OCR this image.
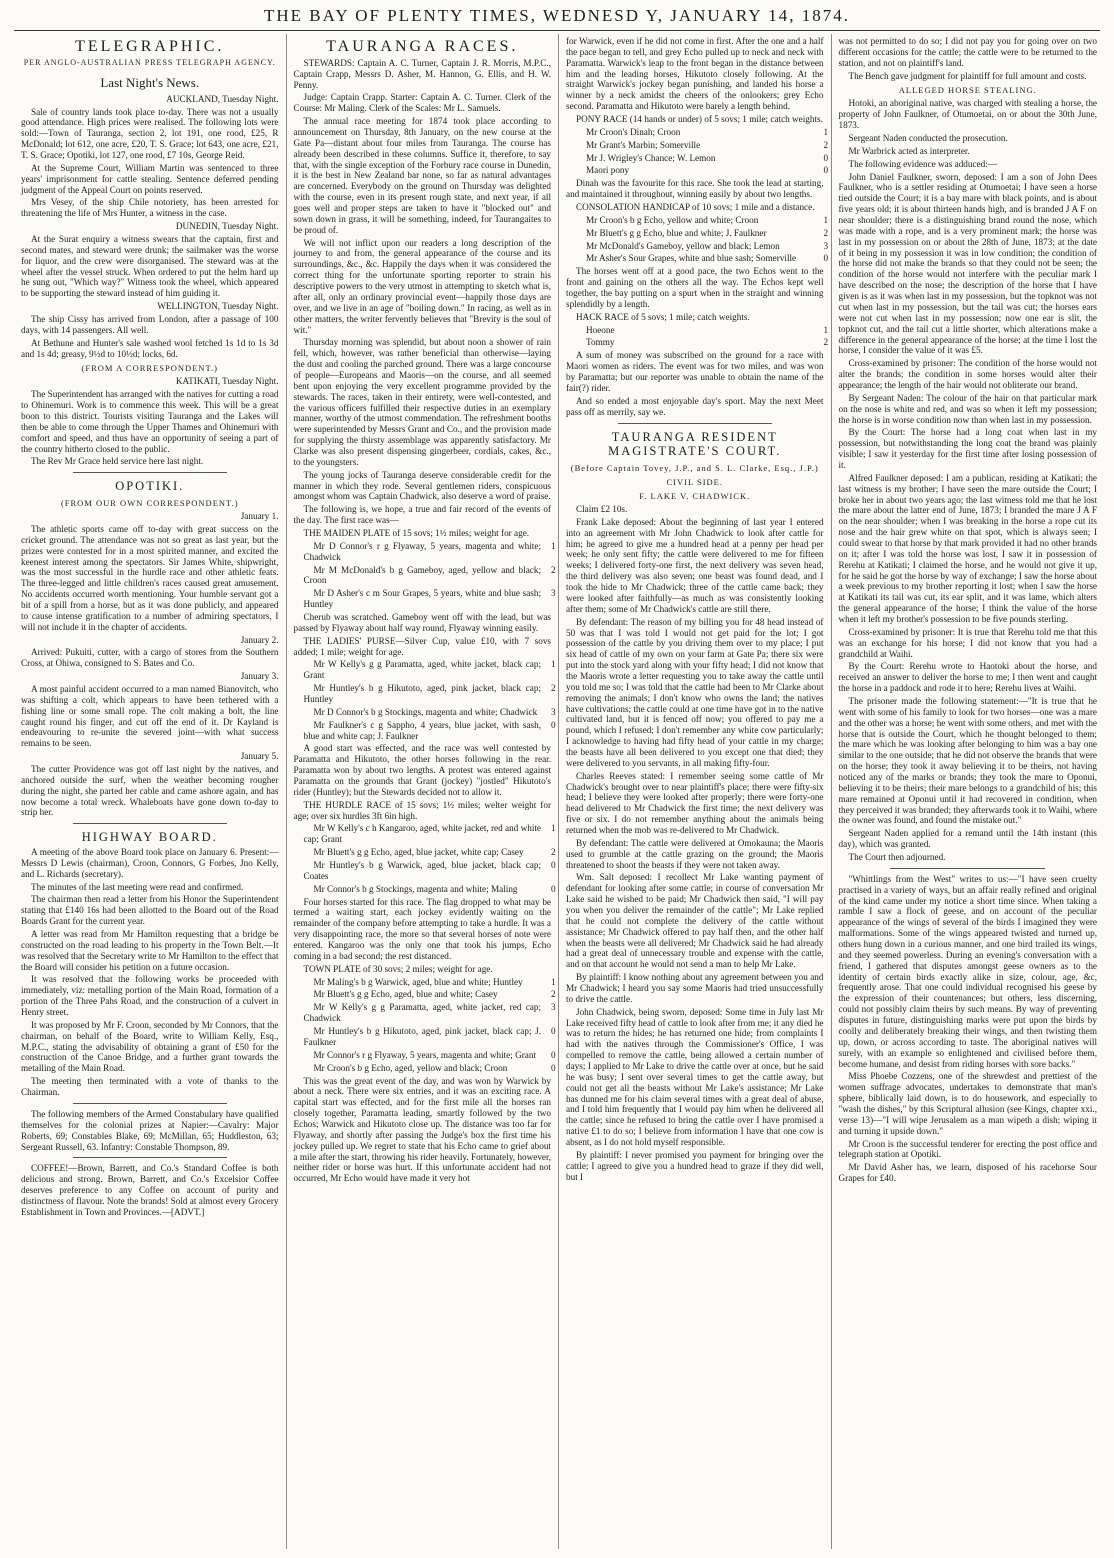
THE BAY OF PLENTY TIMES, WEDNESD Y, JANUARY 14, 1874.
TELEGRAPHIC.
PER ANGLO-AUSTRALIAN PRESS TELEGRAPH AGENCY.
Last Night's News.

AUCKLAND, Tuesday Night.

Sale of country lands took place to-day. There was not a usually good attendance. High prices were realised. The following lots were sold:—Town of Tauranga, section 2, lot 191, one rood, £25, R McDonald; lot 612, one acre, £20, T. S. Grace; lot 643, one acre, £21, T. S. Grace; Opotiki, lot 127, one rood, £7 10s, George Reid.

At the Supreme Court, William Martin was sentenced to three years' imprisonment for cattle stealing. Sentence deferred pending judgment of the Appeal Court on points reserved.

Mrs Vesey, of the ship Chile notoriety, has been arrested for threatening the life of Mrs Hunter, a witness in the case.

DUNEDIN, Tuesday Night.

At the Surat enquiry a witness swears that the captain, first and second mates, and steward were drunk; the sailmaker was the worse for liquor, and the crew were disorganised. The steward was at the wheel after the vessel struck. When ordered to put the helm hard up he sung out, "Which way?" Witness took the wheel, which appeared to be supporting the steward instead of him guiding it.

WELLINGTON, Tuesday Night.

The ship Cissy has arrived from London, after a passage of 100 days, with 14 passengers. All well.

At Bethune and Hunter's sale washed wool fetched 1s 1d to 1s 3d and 1s 4d; greasy, 9½d to 10½d; locks, 6d.

(FROM A CORRESPONDENT.)

KATIKATI, Tuesday Night.

The Superintendent has arranged with the natives for cutting a road to Ohinemuri. Work is to commence this week. This will be a great boon to this district. Tourists visiting Tauranga and the Lakes will then be able to come through the Upper Thames and Ohinemuri with comfort and speed, and thus have an opportunity of seeing a part of the country hitherto closed to the public.

The Rev Mr Grace held service here last night.

OPOTIKI.
(FROM OUR OWN CORRESPONDENT.)

January 1.

The athletic sports came off to-day with great success on the cricket ground. The attendance was not so great as last year, but the prizes were contested for in a most spirited manner, and excited the keenest interest among the spectators. Sir James White, shipwright, was the most successful in the hurdle race and other athletic feats. The three-legged and little children's races caused great amusement. No accidents occurred worth mentioning. Your humble servant got a bit of a spill from a horse, but as it was done publicly, and appeared to cause intense gratification to a number of admiring spectators, I will not include it in the chapter of accidents.

January 2.

Arrived: Pukuiti, cutter, with a cargo of stores from the Southern Cross, at Ohiwa, consigned to S. Bates and Co.

January 3.

A most painful accident occurred to a man named Bianovitch, who was shifting a colt, which appears to have been tethered with a fishing line or some small rope. The colt making a bolt, the line caught round his finger, and cut off the end of it. Dr Kayland is endeavouring to re-unite the severed joint—with what success remains to be seen.

January 5.

The cutter Providence was got off last night by the natives, and anchored outside the surf, when the weather becoming rougher during the night, she parted her cable and came ashore again, and has now become a total wreck. Whaleboats have gone down to-day to strip her.

HIGHWAY BOARD.

A meeting of the above Board took place on January 6. Present:—Messrs D Lewis (chairman), Croon, Connors, G Forbes, Jno Kelly, and L. Richards (secretary).

The minutes of the last meeting were read and confirmed.

The chairman then read a letter from his Honor the Superintendent stating that £140 16s had been allotted to the Board out of the Road Boards Grant for the current year.

A letter was read from Mr Hamilton requesting that a bridge be constructed on the road leading to his property in the Town Belt.—It was resolved that the Secretary write to Mr Hamilton to the effect that the Board will consider his petition on a future occasion.

It was resolved that the following works be proceeded with immediately, viz: metalling portion of the Main Road, formation of a portion of the Three Pahs Road, and the construction of a culvert in Henry street.

It was proposed by Mr F. Croon, seconded by Mr Connors, that the chairman, on behalf of the Board, write to William Kelly, Esq., M.P.C., stating the advisability of obtaining a grant of £50 for the construction of the Canoe Bridge, and a further grant towards the metalling of the Main Road.

The meeting then terminated with a vote of thanks to the Chairman.

The following members of the Armed Constabulary have qualified themselves for the colonial prizes at Napier:—Cavalry: Major Roberts, 69; Constables Blake, 69; McMillan, 65; Huddleston, 63; Sergeant Russell, 63. Infantry: Constable Thompson, 89.

COFFEE!—Brown, Barrett, and Co.'s Standard Coffee is both delicious and strong. Brown, Barrett, and Co.'s Excelsior Coffee deserves preference to any Coffee on account of purity and distinctness of flavour. Note the brands! Sold at almost every Grocery Establishment in Town and Provinces.—[ADVT.]

TAURANGA RACES.

STEWARDS: Captain A. C. Turner, Captain J. R. Morris, M.P.C., Captain Crapp, Messrs D. Asher, M. Hannon, G. Ellis, and H. W. Penny.

Judge: Captain Crapp. Starter: Captain A. C. Turner. Clerk of the Course: Mr Maling. Clerk of the Scales: Mr L. Samuels.

The annual race meeting for 1874 took place according to announcement on Thursday, 8th January, on the new course at the Gate Pa—distant about four miles from Tauranga. The course has already been described in these columns. Suffice it, therefore, to say that, with the single exception of the Forbury race course in Dunedin, it is the best in New Zealand bar none, so far as natural advantages are concerned. Everybody on the ground on Thursday was delighted with the course, even in its present rough state, and next year, if all goes well and proper steps are taken to have it "blocked out" and sown down in grass, it will be something, indeed, for Taurangaites to be proud of.

We will not inflict upon our readers a long description of the journey to and from, the general appearance of the course and its surroundings, &c., &c. Happily the days when it was considered the correct thing for the unfortunate sporting reporter to strain his descriptive powers to the very utmost in attempting to sketch what is, after all, only an ordinary provincial event—happily those days are over, and we live in an age of "boiling down." In racing, as well as in other matters, the writer fervently believes that "Brevity is the soul of wit."

Thursday morning was splendid, but about noon a shower of rain fell, which, however, was rather beneficial than otherwise—laying the dust and cooling the parched ground. There was a large concourse of people—Europeans and Maoris—on the course, and all seemed bent upon enjoying the very excellent programme provided by the stewards. The races, taken in their entirety, were well-contested, and the various officers fulfilled their respective duties in an exemplary manner, worthy of the utmost commendation. The refreshment booths were superintended by Messrs Grant and Co., and the provision made for supplying the thirsty assemblage was apparently satisfactory. Mr Clarke was also present dispensing gingerbeer, cordials, cakes, &c., to the youngsters.

The young jocks of Tauranga deserve considerable credit for the manner in which they rode. Several gentlemen riders, conspicuous amongst whom was Captain Chadwick, also deserve a word of praise.

The following is, we hope, a true and fair record of the events of the day. The first race was—

THE MAIDEN PLATE of 15 sovs; 1½ miles; weight for age.

Mr D Connor's r g Flyaway, 5 years, magenta and white; Chadwick
1

Mr M McDonald's b g Gameboy, aged, yellow and black; Croon
2

Mr D Asher's c m Sour Grapes, 5 years, white and blue sash; Huntley
3

Cherub was scratched. Gameboy went off with the lead, but was passed by Flyaway about half way round, Flyaway winning easily.

THE LADIES' PURSE—Silver Cup, value £10, with 7 sovs added; 1 mile; weight for age.

Mr W Kelly's g g Paramatta, aged, white jacket, black cap; Grant
1

Mr Huntley's b g Hikutoto, aged, pink jacket, black cap; Huntley
2

Mr D Connor's b g Stockings, magenta and white; Chadwick	3

Mr Faulkner's c g Sappho, 4 years, blue jacket, with sash, blue and white cap; J. Faulkner
0

A good start was effected, and the race was well contested by Paramatta and Hikutoto, the other horses following in the rear. Paramatta won by about two lengths. A protest was entered against Paramatta on the grounds that Grant (jockey) "jostled" Hikutoto's rider (Huntley); but the Stewards decided not to allow it.

THE HURDLE RACE of 15 sovs; 1½ miles; welter weight for age; over six hurdles 3ft 6in high.

Mr W Kelly's c h Kangaroo, aged, white jacket, red and white cap; Grant
1

Mr Bluett's g g Echo, aged, blue jacket, white cap; Casey	2

Mr Huntley's b g Warwick, aged, blue jacket, black cap; Coates
0

Mr Connor's b g Stockings, magenta and white; Maling	0

Four horses started for this race. The flag dropped to what may be termed a waiting start, each jockey evidently waiting on the remainder of the company before attempting to take a hurdle. It was a very disappointing race, the more so that several horses of note were entered. Kangaroo was the only one that took his jumps, Echo coming in a bad second; the rest distanced.

TOWN PLATE of 30 sovs; 2 miles; weight for age.

Mr Maling's b g Warwick, aged, blue and white; Huntley	1

Mr Bluett's g g Echo, aged, blue and white; Casey	2

Mr W Kelly's g g Paramatta, aged, white jacket, red cap; Chadwick
3

Mr Huntley's b g Hikutoto, aged, pink jacket, black cap; J. Faulkner
0

Mr Connor's r g Flyaway, 5 years, magenta and white; Grant	0

Mr Croon's b g Echo, aged, yellow and black; Croon	0

This was the great event of the day, and was won by Warwick by about a neck. There were six entries, and it was an exciting race. A capital start was effected, and for the first mile all the horses ran closely together, Paramatta leading, smartly followed by the two Echos; Warwick and Hikutoto close up. The distance was too far for Flyaway, and shortly after passing the Judge's box the first time his jockey pulled up. We regret to state that his Echo came to grief about a mile after the start, throwing his rider heavily. Fortunately, however, neither rider or horse was hurt. If this unfortunate accident had not occurred, Mr Echo would have made it very hot

for Warwick, even if he did not come in first. After the one and a half the pace began to tell, and grey Echo pulled up to neck and neck with Paramatta. Warwick's leap to the front began in the distance between him and the leading horses, Hikutoto closely following. At the straight Warwick's jockey began punishing, and landed his horse a winner by a neck amidst the cheers of the onlookers; grey Echo second. Paramatta and Hikutoto were barely a length behind.

PONY RACE (14 hands or under) of 5 sovs; 1 mile; catch weights.

Mr Croon's Dinah; Croon	1

Mr Grant's Marbin; Somerville	2

Mr J. Wrigley's Chance; W. Lemon	0

Maori pony	0

Dinah was the favourite for this race. She took the lead at starting, and maintained it throughout, winning easily by about two lengths.

CONSOLATION HANDICAP of 10 sovs; 1 mile and a distance.

Mr Croon's b g Echo, yellow and white; Croon	1

Mr Bluett's g g Echo, blue and white; J. Faulkner	2

Mr McDonald's Gameboy, yellow and black; Lemon	3

Mr Asher's Sour Grapes, white and blue sash; Somerville	0

The horses went off at a good pace, the two Echos went to the front and gaining on the others all the way. The Echos kept well together, the bay putting on a spurt when in the straight and winning splendidly by a length.

HACK RACE of 5 sovs; 1 mile; catch weights.

Hoeone	1

Tommy	2

A sum of money was subscribed on the ground for a race with Maori women as riders. The event was for two miles, and was won by Paramatta; but our reporter was unable to obtain the name of the fair(?) rider.

And so ended a most enjoyable day's sport. May the next Meet pass off as merrily, say we.

TAURANGA RESIDENT MAGISTRATE'S COURT.
(Before Captain Tovey, J.P., and S. L. Clarke, Esq., J.P.)
CIVIL SIDE.
F. LAKE V. CHADWICK.

Claim £2 10s.

Frank Lake deposed: About the beginning of last year I entered into an agreement with Mr John Chadwick to look after cattle for him; he agreed to give me a hundred head at a penny per head per week; he only sent fifty; the cattle were delivered to me for fifteen weeks; I delivered forty-one first, the next delivery was seven head, the third delivery was also seven; one beast was found dead, and I took the hide to Mr Chadwick; three of the cattle came back; they were looked after faithfully—as much as was consistently looking after them; some of Mr Chadwick's cattle are still there.

By defendant: The reason of my billing you for 48 head instead of 50 was that I was told I would not get paid for the lot; I got possession of the cattle by you driving them over to my place; I put six head of cattle of my own on your farm at Gate Pa; there six were put into the stock yard along with your fifty head; I did not know that the Maoris wrote a letter requesting you to take away the cattle until you told me so; I was told that the cattle had been to Mr Clarke about removing the animals; I don't know who owns the land; the natives have cultivations; the cattle could at one time have got in to the native cultivated land, but it is fenced off now; you offered to pay me a pound, which I refused; I don't remember any white cow particularly; I acknowledge to having had fifty head of your cattle in my charge; the beasts have all been delivered to you except one that died; they were delivered to you servants, in all making fifty-four.

Charles Reeves stated: I remember seeing some cattle of Mr Chadwick's brought over to near plaintiff's place; there were fifty-six head; I believe they were looked after properly; there were forty-one head delivered to Mr Chadwick the first time; the next delivery was five or six. I do not remember anything about the animals being returned when the mob was re-delivered to Mr Chadwick.

By defendant: The cattle were delivered at Omokauna; the Maoris used to grumble at the cattle grazing on the ground; the Maoris threatened to shoot the beasts if they were not taken away.

Wm. Salt deposed: I recollect Mr Lake wanting payment of defendant for looking after some cattle; in course of conversation Mr Lake said he wished to be paid; Mr Chadwick then said, "I will pay you when you deliver the remainder of the cattle"; Mr Lake replied that he could not complete the delivery of the cattle without assistance; Mr Chadwick offered to pay half then, and the other half when the beasts were all delivered; Mr Chadwick said he had already had a great deal of unnecessary trouble and expense with the cattle, and on that account he would not send a man to help Mr Lake.

By plaintiff: I know nothing about any agreement between you and Mr Chadwick; I heard you say some Maoris had tried unsuccessfully to drive the cattle.

John Chadwick, being sworn, deposed: Some time in July last Mr Lake received fifty head of cattle to look after from me; it any died he was to return the hides; he has returned one hide; from complaints I had with the natives through the Commissioner's Office, I was compelled to remove the cattle, being allowed a certain number of days; I applied to Mr Lake to drive the cattle over at once, but he said he was busy; I sent over several times to get the cattle away, but could not get all the beasts without Mr Lake's assistance; Mr Lake has dunned me for his claim several times with a great deal of abuse, and I told him frequently that I would pay him when he delivered all the cattle; since he refused to bring the cattle over I have promised a native £1 to do so; I believe from information I have that one cow is absent, as I do not hold myself responsible.

By plaintiff: I never promised you payment for bringing over the cattle; I agreed to give you a hundred head to graze if they did well, but I

was not permitted to do so; I did not pay you for going over on two different occasions for the cattle; the cattle were to be returned to the station, and not on plaintiff's land.

The Bench gave judgment for plaintiff for full amount and costs.

ALLEGED HORSE STEALING.

Hotoki, an aboriginal native, was charged with stealing a horse, the property of John Faulkner, of Otumoetai, on or about the 30th June, 1873.

Sergeant Naden conducted the prosecution.

Mr Warbrick acted as interpreter.

The following evidence was adduced:—

John Daniel Faulkner, sworn, deposed: I am a son of John Dees Faulkner, who is a settler residing at Otumoetai; I have seen a horse tied outside the Court; it is a bay mare with black points, and is about five years old; it is about thirteen hands high, and is branded J A F on near shoulder; there is a distinguishing brand round the nose, which was made with a rope, and is a very prominent mark; the horse was last in my possession on or about the 28th of June, 1873; at the date of it being in my possession it was in low condition; the condition of the horse did not make the brands so that they could not be seen; the condition of the horse would not interfere with the peculiar mark I have described on the nose; the description of the horse that I have given is as it was when last in my possession, but the topknot was not cut when last in my possession, but the tail was cut; the horses ears were not cut when last in my possession; now one ear is slit, the topknot cut, and the tail cut a little shorter, which alterations make a difference in the general appearance of the horse; at the time I lost the horse, I consider the value of it was £5.

Cross-examined by prisoner: The condition of the horse would not alter the brands; the condition in some horses would alter their appearance; the length of the hair would not obliterate our brand.

By Sergeant Naden: The colour of the hair on that particular mark on the nose is white and red, and was so when it left my possession; the horse is in worse condition now than when last in my possession.

By the Court: The horse had a long coat when last in my possession, but notwithstanding the long coat the brand was plainly visible; I saw it yesterday for the first time after losing possession of it.

Alfred Faulkner deposed: I am a publican, residing at Katikati; the last witness is my brother; I have seen the mare outside the Court; I broke her in about two years ago; the last witness told me that he lost the mare about the latter end of June, 1873; I branded the mare J A F on the near shoulder; when I was breaking in the horse a rope cut its nose and the hair grew white on that spot, which is always seen; I could swear to that horse by that mark provided it had no other brands on it; after I was told the horse was lost, I saw it in possession of Rerehu at Katikati; I claimed the horse, and he would not give it up, for he said he got the horse by way of exchange; I saw the horse about a week previous to my brother reporting it lost; when I saw the horse at Katikati its tail was cut, its ear split, and it was lame, which alters the general appearance of the horse; I think the value of the horse when it left my brother's possession to be five pounds sterling.

Cross-examined by prisoner: It is true that Rerehu told me that this was an exchange for his horse; I did not know that you had a grandchild at Waihi.

By the Court: Rerehu wrote to Haotoki about the horse, and received an answer to deliver the horse to me; I then went and caught the horse in a paddock and rode it to here; Rerehu lives at Waihi.

The prisoner made the following statement:—"It is true that he went with some of his family to look for two horses—one was a mare and the other was a horse; he went with some others, and met with the horse that is outside the Court, which he thought belonged to them; the mare which he was looking after belonging to him was a bay one similar to the one outside; that he did not observe the brands that were on the horse; they took it away believing it to be theirs, not having noticed any of the marks or brands; they took the mare to Oponui, believing it to be theirs; their mare belongs to a grandchild of his; this mare remained at Oponui until it had recovered in condition, when they perceived it was branded; they afterwards took it to Waihi, where the owner was found, and found the mistake out."

Sergeant Naden applied for a remand until the 14th instant (this day), which was granted.

The Court then adjourned.

"Whittlings from the West" writes to us:—"I have seen cruelty practised in a variety of ways, but an affair really refined and original of the kind came under my notice a short time since. When taking a ramble I saw a flock of geese, and on account of the peculiar appearance of the wings of several of the birds I imagined they were malformations. Some of the wings appeared twisted and turned up, others hung down in a curious manner, and one bird trailed its wings, and they seemed powerless. During an evening's conversation with a friend, I gathered that disputes amongst geese owners as to the identity of certain birds exactly alike in size, colour, age, &c, frequently arose. That one could individual recognised his geese by the expression of their countenances; but others, less discerning, could not possibly claim theirs by such means. By way of preventing disputes in future, distinguishing marks were put upon the birds by coolly and deliberately breaking their wings, and then twisting them up, down, or across according to taste. The aboriginal natives will surely, with an example so enlightened and civilised before them, become humane, and desist from riding horses with sore backs."

Miss Phoebe Cozzens, one of the shrewdest and prettiest of the women suffrage advocates, undertakes to demonstrate that man's sphere, biblically laid down, is to do housework, and especially to "wash the dishes," by this Scriptural allusion (see Kings, chapter xxi., verse 13)—"I will wipe Jerusalem as a man wipeth a dish; wiping it and turning it upside down."

Mr Croon is the successful tenderer for erecting the post office and telegraph station at Opotiki.

Mr David Asher has, we learn, disposed of his racehorse Sour Grapes for £40.
